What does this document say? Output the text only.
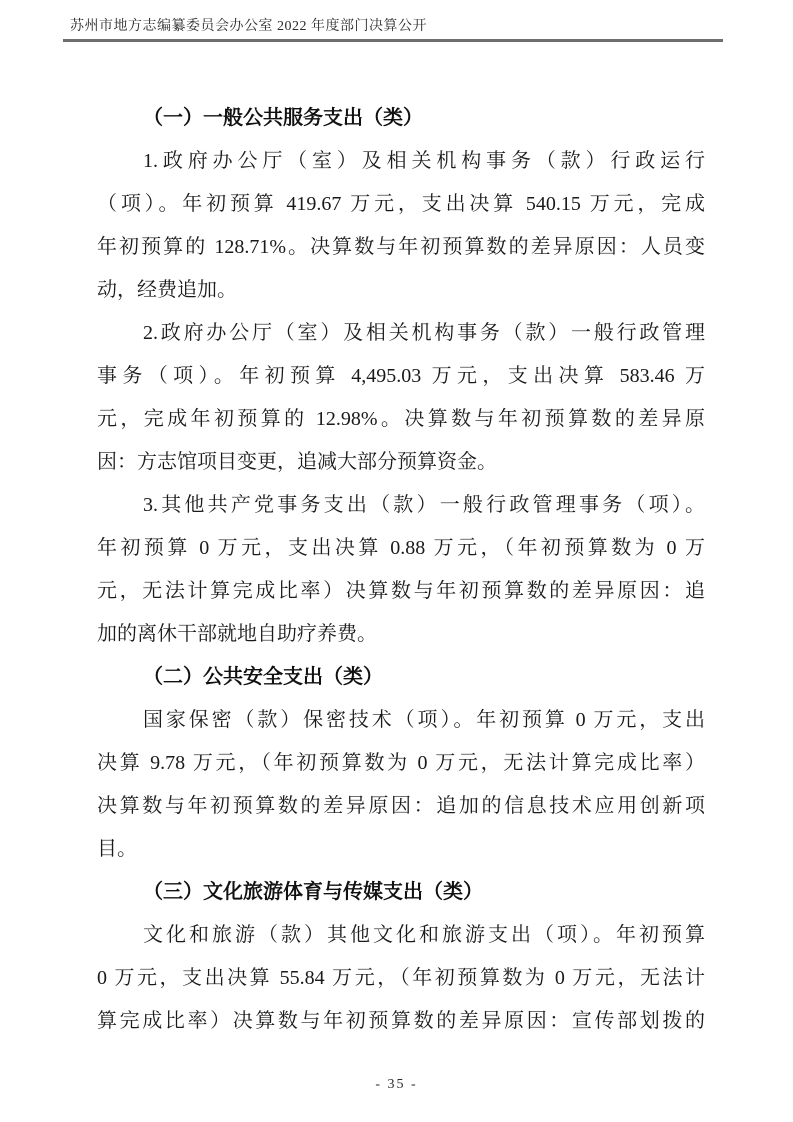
苏州市地方志编纂委员会办公室 2022 年度部门决算公开
（一）一般公共服务支出（类）
1.政府办公厅（室）及相关机构事务（款）行政运行
（项）。年初预算 419.67 万元，支出决算 540.15 万元，完成
年初预算的 128.71%。决算数与年初预算数的差异原因：人员变
动，经费追加。
2.政府办公厅（室）及相关机构事务（款）一般行政管理
事务（项）。年初预算 4,495.03 万元，支出决算 583.46 万
元，完成年初预算的 12.98%。决算数与年初预算数的差异原
因：方志馆项目变更，追减大部分预算资金。
3.其他共产党事务支出（款）一般行政管理事务（项）。
年初预算 0 万元，支出决算 0.88 万元，（年初预算数为 0 万
元，无法计算完成比率）决算数与年初预算数的差异原因：追
加的离休干部就地自助疗养费。
（二）公共安全支出（类）
国家保密（款）保密技术（项）。年初预算 0 万元，支出
决算 9.78 万元，（年初预算数为 0 万元，无法计算完成比率）
决算数与年初预算数的差异原因：追加的信息技术应用创新项
目。
（三）文化旅游体育与传媒支出（类）
文化和旅游（款）其他文化和旅游支出（项）。年初预算
0 万元，支出决算 55.84 万元，（年初预算数为 0 万元，无法计
算完成比率）决算数与年初预算数的差异原因：宣传部划拨的
- 35 -
